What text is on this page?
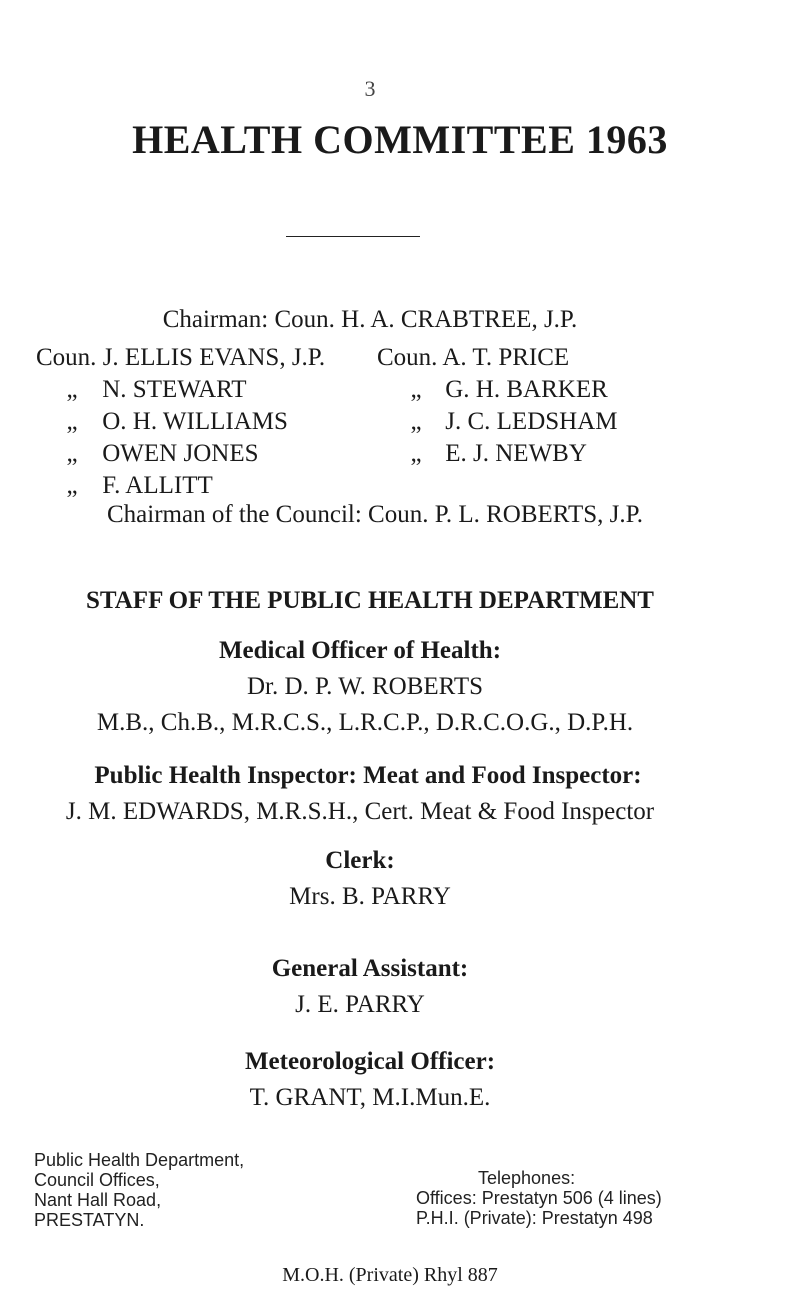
3
HEALTH COMMITTEE 1963
Chairman: Coun. H. A. CRABTREE, J.P.
Coun. J. ELLIS EVANS, J.P.
„ N. STEWART
„ O. H. WILLIAMS
„ OWEN JONES
„ F. ALLITT
Coun. A. T. PRICE
„ G. H. BARKER
„ J. C. LEDSHAM
„ E. J. NEWBY
Chairman of the Council: Coun. P. L. ROBERTS, J.P.
STAFF OF THE PUBLIC HEALTH DEPARTMENT
Medical Officer of Health:
Dr. D. P. W. ROBERTS
M.B., Ch.B., M.R.C.S., L.R.C.P., D.R.C.O.G., D.P.H.
Public Health Inspector: Meat and Food Inspector:
J. M. EDWARDS, M.R.S.H., Cert. Meat & Food Inspector
Clerk:
Mrs. B. PARRY
General Assistant:
J. E. PARRY
Meteorological Officer:
T. GRANT, M.I.Mun.E.
Public Health Department,
Council Offices,
Nant Hall Road,
PRESTATYN.
Telephones:
Offices: Prestatyn 506 (4 lines)
P.H.I. (Private): Prestatyn 498
M.O.H. (Private) Rhyl 887
